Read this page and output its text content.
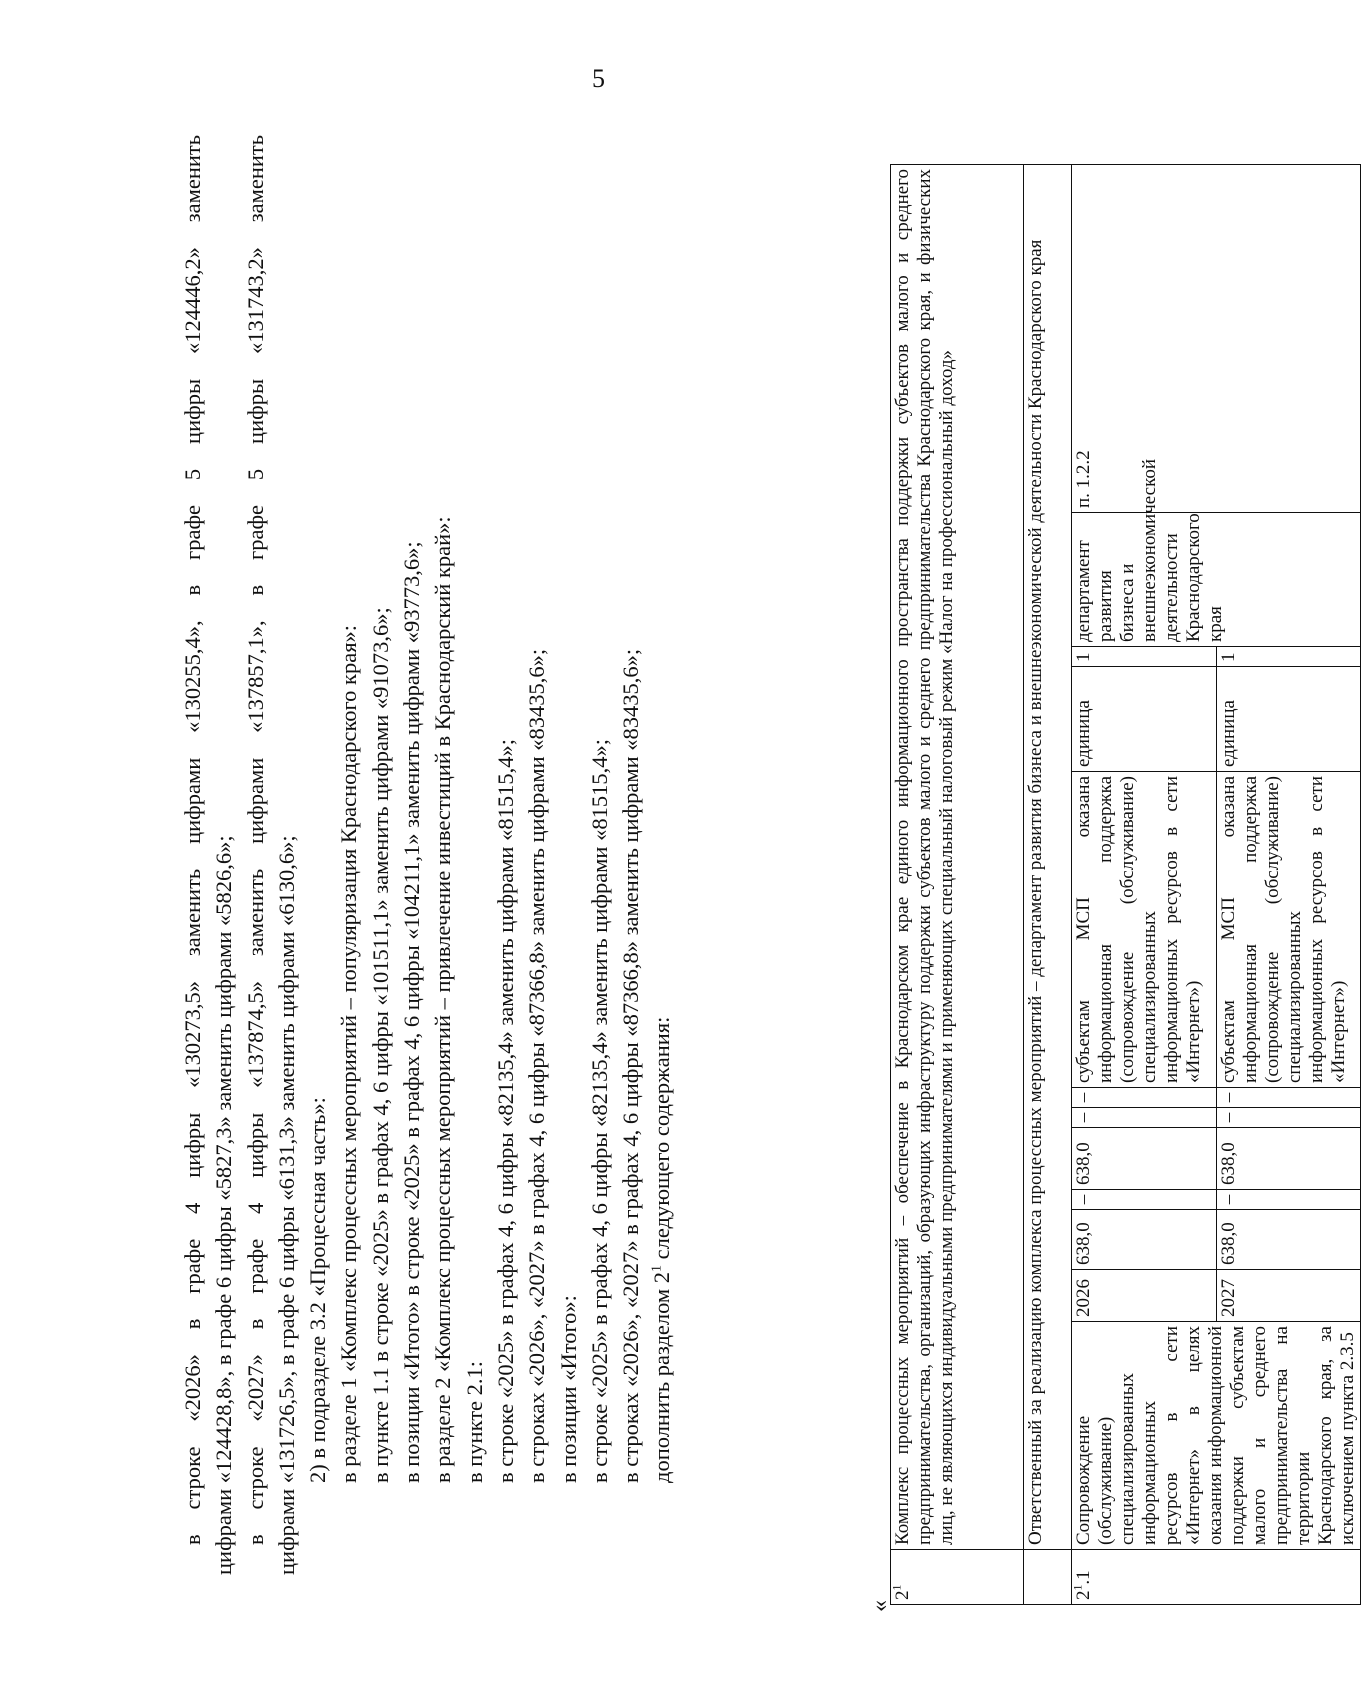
5
в строке «2026» в графе 4 цифры «130273,5» заменить цифрами «130255,4», в графе 5 цифры «124446,2» заменить цифрами «124428,8», в графе 6 цифры «5827,3» заменить цифрами «5826,6»; в строке «2027» в графе 4 цифры «137874,5» заменить цифрами «137857,1», в графе 5 цифры «131743,2» заменить цифрами «131726,5», в графе 6 цифры «6131,3» заменить цифрами «6130,6»; 2) в подразделе 3.2 «Процессная часть»: в разделе 1 «Комплекс процессных мероприятий – популяризация Краснодарского края»: в пункте 1.1 в строке «2025» в графах 4, 6 цифры «101511,1» заменить цифрами «91073,6»; в позиции «Итого» в строке «2025» в графах 4, 6 цифры «104211,1» заменить цифрами «93773,6»; в разделе 2 «Комплекс процессных мероприятий – привлечение инвестиций в Краснодарский край»: в пункте 2.1: в строке «2025» в графах 4, 6 цифры «82135,4» заменить цифрами «81515,4»; в строках «2026», «2027» в графах 4, 6 цифры «87366,8» заменить цифрами «83435,6»; в позиции «Итого»: в строке «2025» в графах 4, 6 цифры «82135,4» заменить цифрами «81515,4»; в строках «2026», «2027» в графах 4, 6 цифры «87366,8» заменить цифрами «83435,6»; дополнить разделом $2^1$ следующего содержания:
«
$2^1$	Комплекс процессных мероприятий – обеспечение в Краснодарском крае единого информационного пространства поддержки субъектов малого и среднего предпринимательства, организаций, образующих инфраструктуру поддержки субъектов малого и среднего предпринимательства Краснодарского края, и физических лиц, не являющихся индивидуальными предпринимателями и применяющих специальный налоговый режим «Налог на профессиональный доход»											
	Ответственный за реализацию комплекса процессных мероприятий – департамент развития бизнеса и внешнеэкономической деятельности Краснодарского края											
$2^1.1$	Сопровождение (обслуживание) специализированных информационных ресурсов в сети «Интернет» в целях оказания информационной поддержки субъектам малого и среднего предпринимательства на территории Краснодарского края, за исключением пункта 2.3.5	2026	638,0	–	638,0	–	–	субъектам МСП оказана информационная поддержка (сопровождение (обслуживание) специализированных информационных ресурсов в сети «Интернет»)	единица	1	департамент развития бизнеса и внешнеэкономической деятельности Краснодарского края	п. 1.2.2
		2027	638,0	–	638,0	–	–	субъектам МСП оказана информационная поддержка (сопровождение (обслуживание) специализированных информационных ресурсов в сети «Интернет»)	единица	1		
